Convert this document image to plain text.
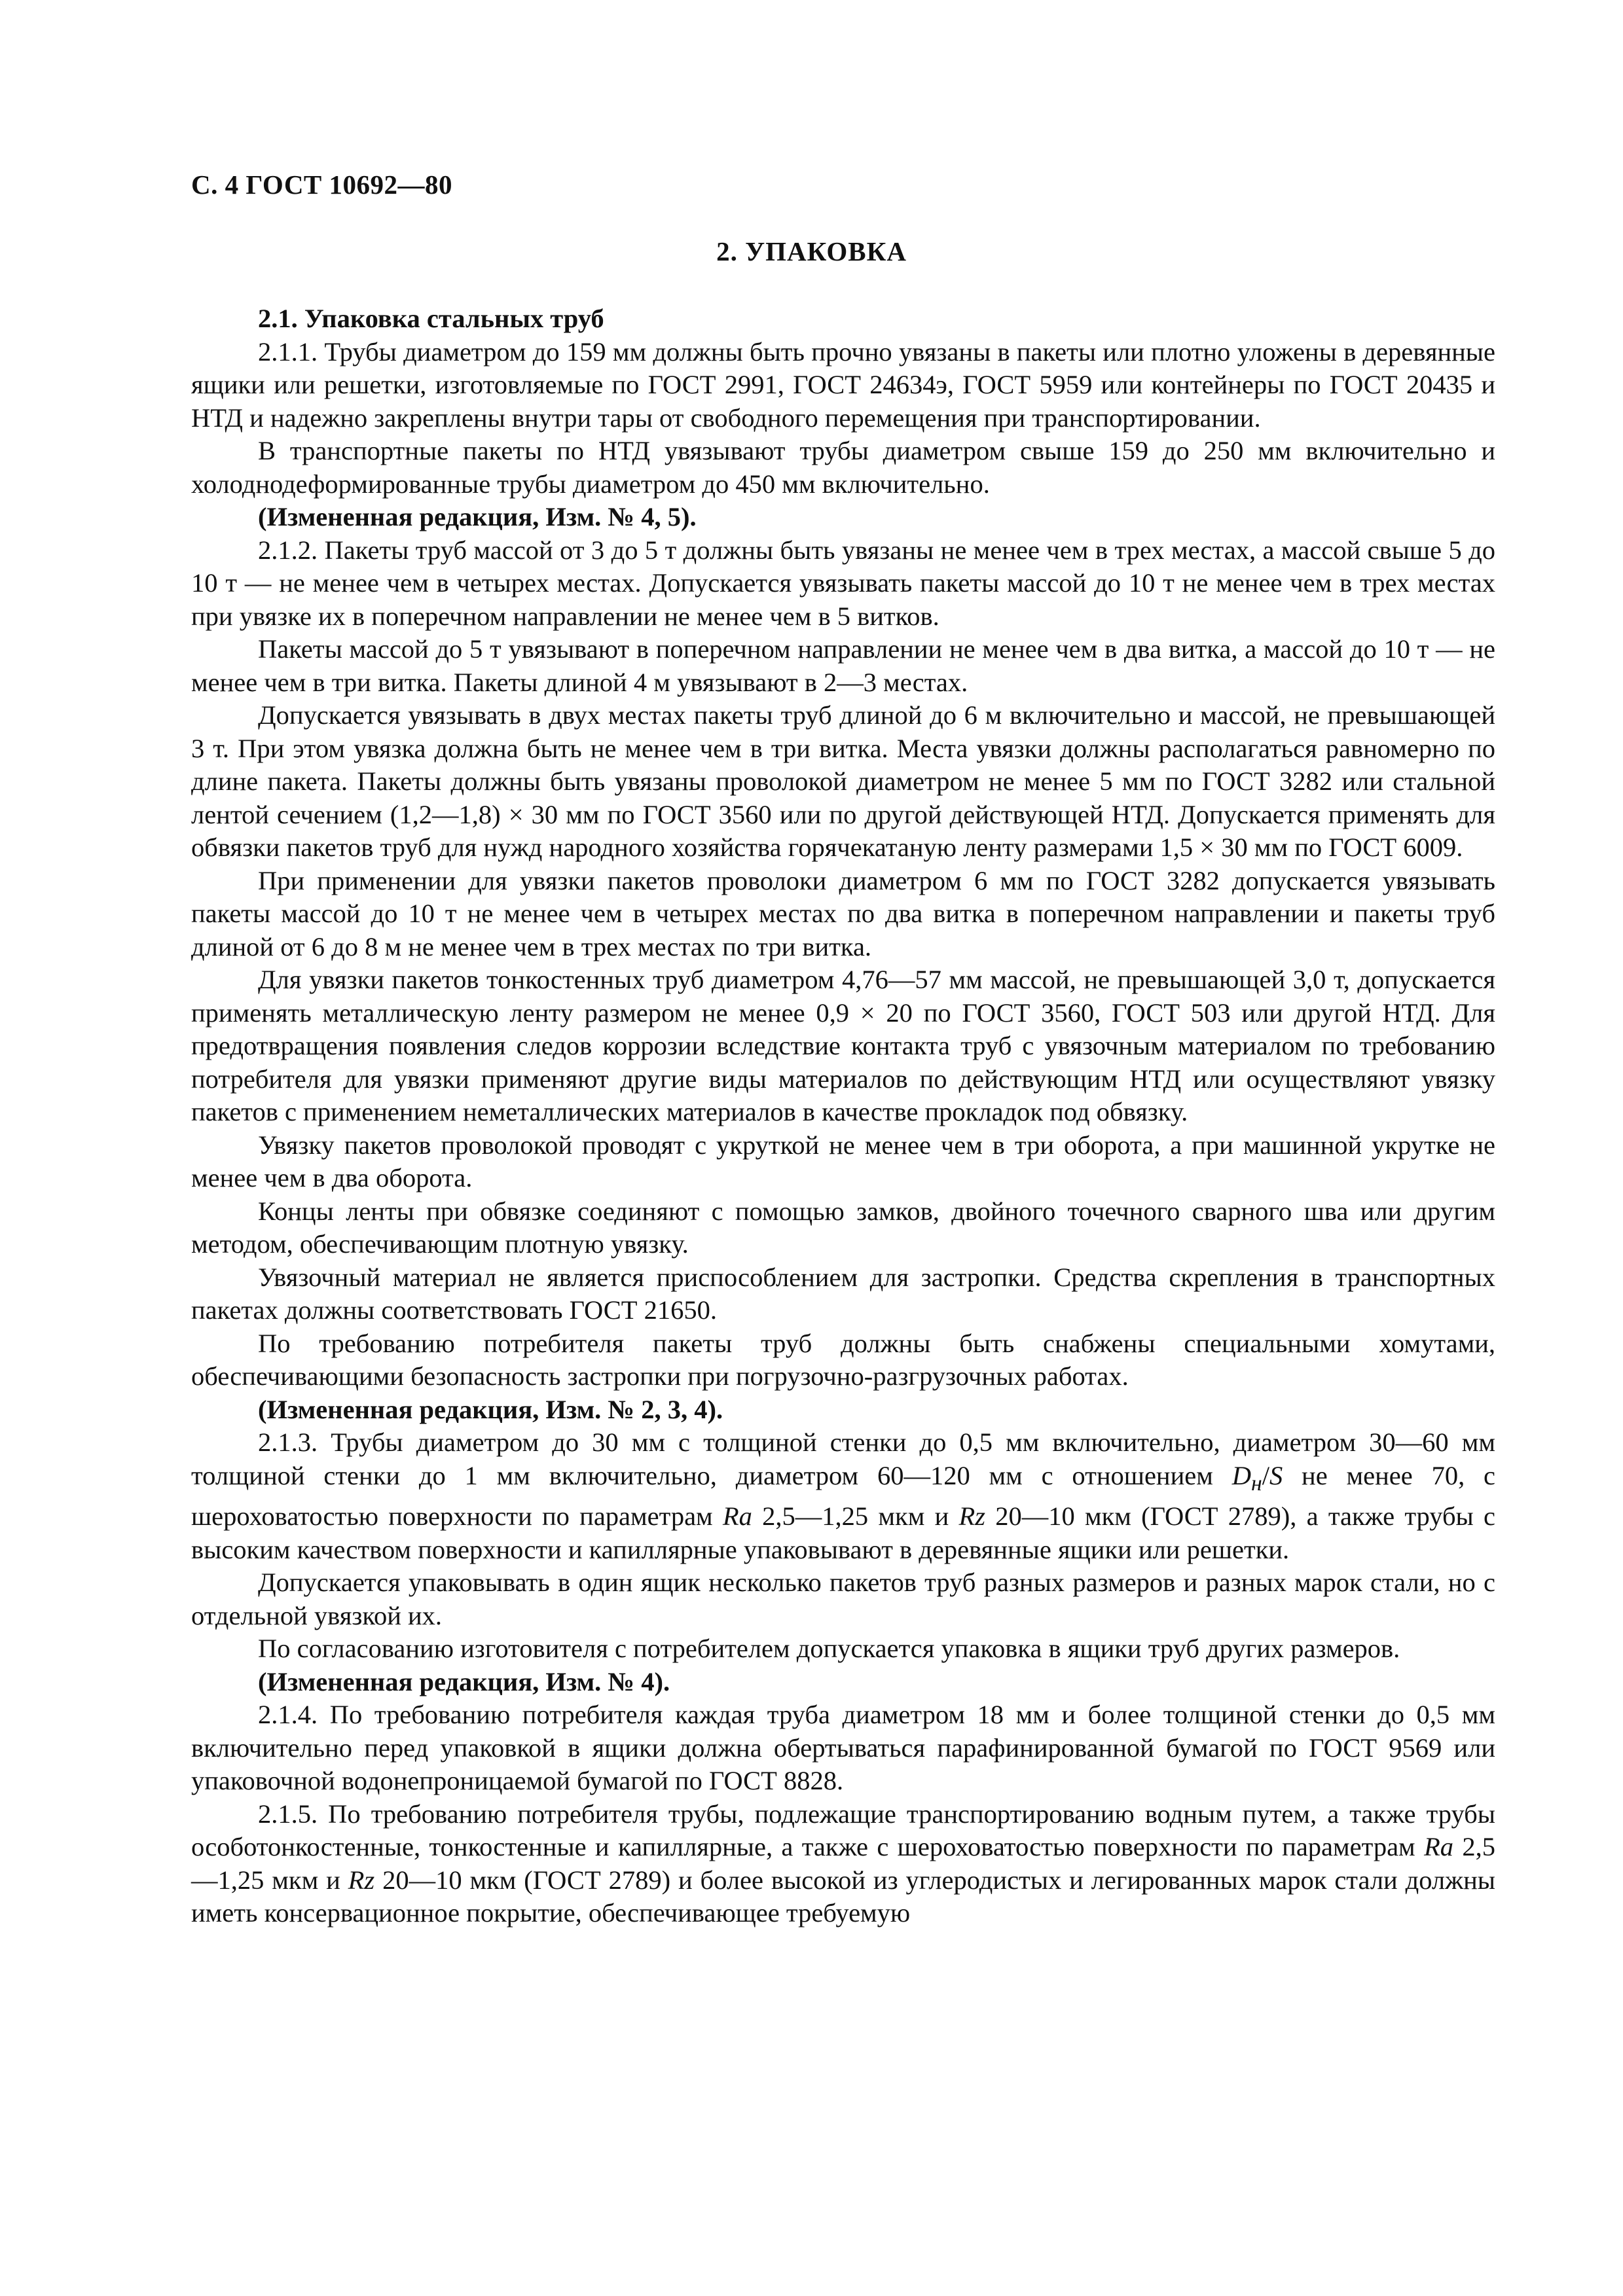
С. 4 ГОСТ 10692—80
2. УПАКОВКА

2.1. Упаковка стальных труб

2.1.1. Трубы диаметром до 159 мм должны быть прочно увязаны в пакеты или плотно уложены в деревянные ящики или решетки, изготовляемые по ГОСТ 2991, ГОСТ 24634э, ГОСТ 5959 или контейнеры по ГОСТ 20435 и НТД и надежно закреплены внутри тары от свободного перемещения при транспортировании.

В транспортные пакеты по НТД увязывают трубы диаметром свыше 159 до 250 мм включительно и холоднодеформированные трубы диаметром до 450 мм включительно.

(Измененная редакция, Изм. № 4, 5).

2.1.2. Пакеты труб массой от 3 до 5 т должны быть увязаны не менее чем в трех местах, а массой свыше 5 до 10 т — не менее чем в четырех местах. Допускается увязывать пакеты массой до 10 т не менее чем в трех местах при увязке их в поперечном направлении не менее чем в 5 витков.

Пакеты массой до 5 т увязывают в поперечном направлении не менее чем в два витка, а массой до 10 т — не менее чем в три витка. Пакеты длиной 4 м увязывают в 2—3 местах.

Допускается увязывать в двух местах пакеты труб длиной до 6 м включительно и массой, не превышающей 3 т. При этом увязка должна быть не менее чем в три витка. Места увязки должны располагаться равномерно по длине пакета. Пакеты должны быть увязаны проволокой диаметром не менее 5 мм по ГОСТ 3282 или стальной лентой сечением (1,2—1,8) × 30 мм по ГОСТ 3560 или по другой действующей НТД. Допускается применять для обвязки пакетов труб для нужд народного хозяйства горячекатаную ленту размерами 1,5 × 30 мм по ГОСТ 6009.

При применении для увязки пакетов проволоки диаметром 6 мм по ГОСТ 3282 допускается увязывать пакеты массой до 10 т не менее чем в четырех местах по два витка в поперечном направлении и пакеты труб длиной от 6 до 8 м не менее чем в трех местах по три витка.

Для увязки пакетов тонкостенных труб диаметром 4,76—57 мм массой, не превышающей 3,0 т, допускается применять металлическую ленту размером не менее 0,9 × 20 по ГОСТ 3560, ГОСТ 503 или другой НТД. Для предотвращения появления следов коррозии вследствие контакта труб с увязочным материалом по требованию потребителя для увязки применяют другие виды материалов по действующим НТД или осуществляют увязку пакетов с применением неметаллических материалов в качестве прокладок под обвязку.

Увязку пакетов проволокой проводят с укруткой не менее чем в три оборота, а при машинной укрутке не менее чем в два оборота.

Концы ленты при обвязке соединяют с помощью замков, двойного точечного сварного шва или другим методом, обеспечивающим плотную увязку.

Увязочный материал не является приспособлением для застропки. Средства скрепления в транспортных пакетах должны соответствовать ГОСТ 21650.

По требованию потребителя пакеты труб должны быть снабжены специальными хомутами, обеспечивающими безопасность застропки при погрузочно-разгрузочных работах.

(Измененная редакция, Изм. № 2, 3, 4).

2.1.3. Трубы диаметром до 30 мм с толщиной стенки до 0,5 мм включительно, диаметром 30—60 мм толщиной стенки до 1 мм включительно, диаметром 60—120 мм с отношением $D_н/S$ не менее 70, с шероховатостью поверхности по параметрам Ra 2,5—1,25 мкм и Rz 20—10 мкм (ГОСТ 2789), а также трубы с высоким качеством поверхности и капиллярные упаковывают в деревянные ящики или решетки.

Допускается упаковывать в один ящик несколько пакетов труб разных размеров и разных марок стали, но с отдельной увязкой их.

По согласованию изготовителя с потребителем допускается упаковка в ящики труб других размеров.

(Измененная редакция, Изм. № 4).

2.1.4. По требованию потребителя каждая труба диаметром 18 мм и более толщиной стенки до 0,5 мм включительно перед упаковкой в ящики должна обертываться парафинированной бумагой по ГОСТ 9569 или упаковочной водонепроницаемой бумагой по ГОСТ 8828.

2.1.5. По требованию потребителя трубы, подлежащие транспортированию водным путем, а также трубы особотонкостенные, тонкостенные и капиллярные, а также с шероховатостью поверхности по параметрам Ra 2,5—1,25 мкм и Rz 20—10 мкм (ГОСТ 2789) и более высокой из углеродистых и легированных марок стали должны иметь консервационное покрытие, обеспечивающее требуемую
